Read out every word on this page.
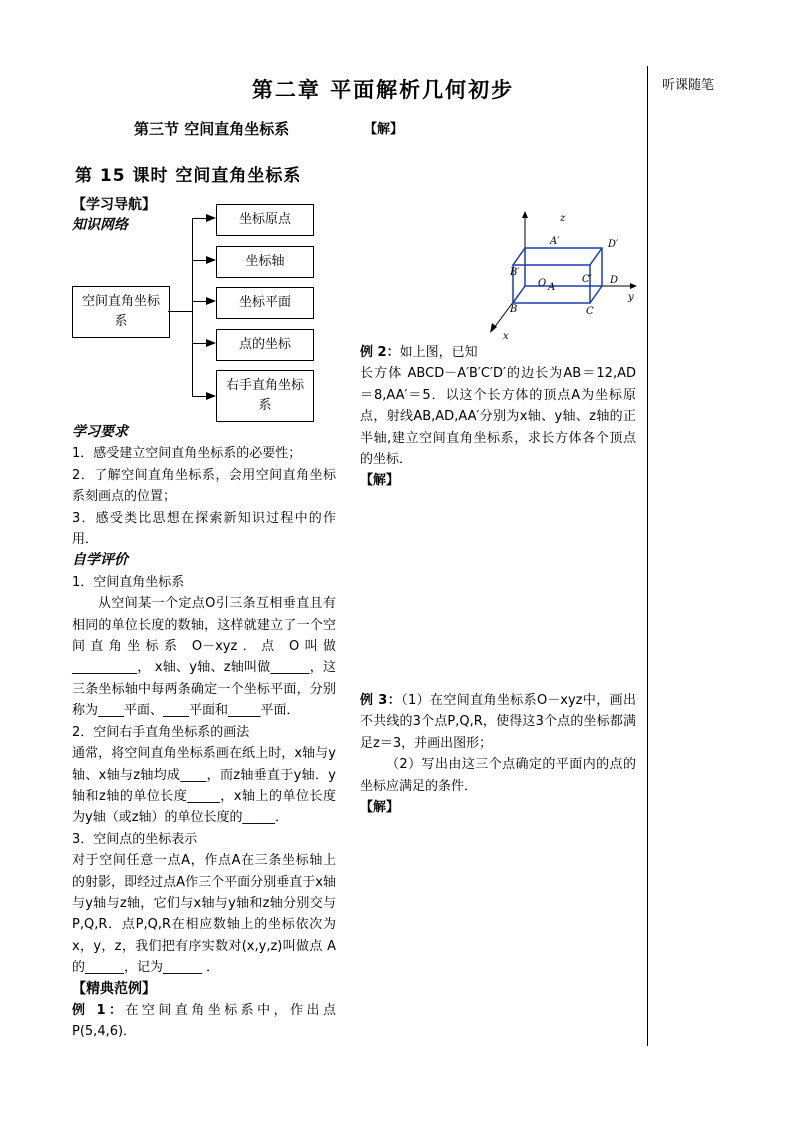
第二章 平面解析几何初步	听课随笔
第三节 空间直角坐标系	【解】
第 15 课时 空间直角坐标系
【学习导航】
知识网络
空间直角坐标系
坐标原点
坐标轴
坐标平面
点的坐标
右手直角坐标系

学习要求

1．感受建立空间直角坐标系的必要性；

2．了解空间直角坐标系，会用空间直角坐标系刻画点的位置；

3．感受类比思想在探索新知识过程中的作用．

自学评价

1．空间直角坐标系

从空间某一个定点O引三条互相垂直且有相同的单位长度的数轴，这样就建立了一个空间直角坐标系 O－xyz．点 O叫做__________， x轴、y轴、z轴叫做______，这三条坐标轴中每两条确定一个坐标平面，分别称为____平面、____平面和_____平面．

2．空间右手直角坐标系的画法

通常，将空间直角坐标系画在纸上时，x轴与y轴、x轴与z轴均成____，而z轴垂直于y轴．y轴和z轴的单位长度_____，x轴上的单位长度为y轴（或z轴）的单位长度的_____．

3．空间点的坐标表示

对于空间任意一点A，作点A在三条坐标轴上的射影，即经过点A作三个平面分别垂直于x轴与y轴与z轴，它们与x轴与y轴和z轴分别交与P,Q,R．点P,Q,R在相应数轴上的坐标依次为x，y，z，我们把有序实数对(x,y,z)叫做点 A的______，记为______ ．

【精典范例】

例 1：在空间直角坐标系中，作出点P(5,4,6)．

z
A′	D′
B′
C′
O A
D
y
B	C
x

例 2：如上图，已知

长方体 ABCD－A′B′C′D′的边长为AB＝12,AD＝8,AA′＝5．以这个长方体的顶点A为坐标原点，射线AB,AD,AA′分别为x轴、y轴、z轴的正半轴,建立空间直角坐标系，求长方体各个顶点的坐标．

【解】

例 3：（1）在空间直角坐标系O－xyz中，画出不共线的3个点P,Q,R，使得这3个点的坐标都满足z＝3，并画出图形；

（2）写出由这三个点确定的平面内的点的坐标应满足的条件．

【解】
